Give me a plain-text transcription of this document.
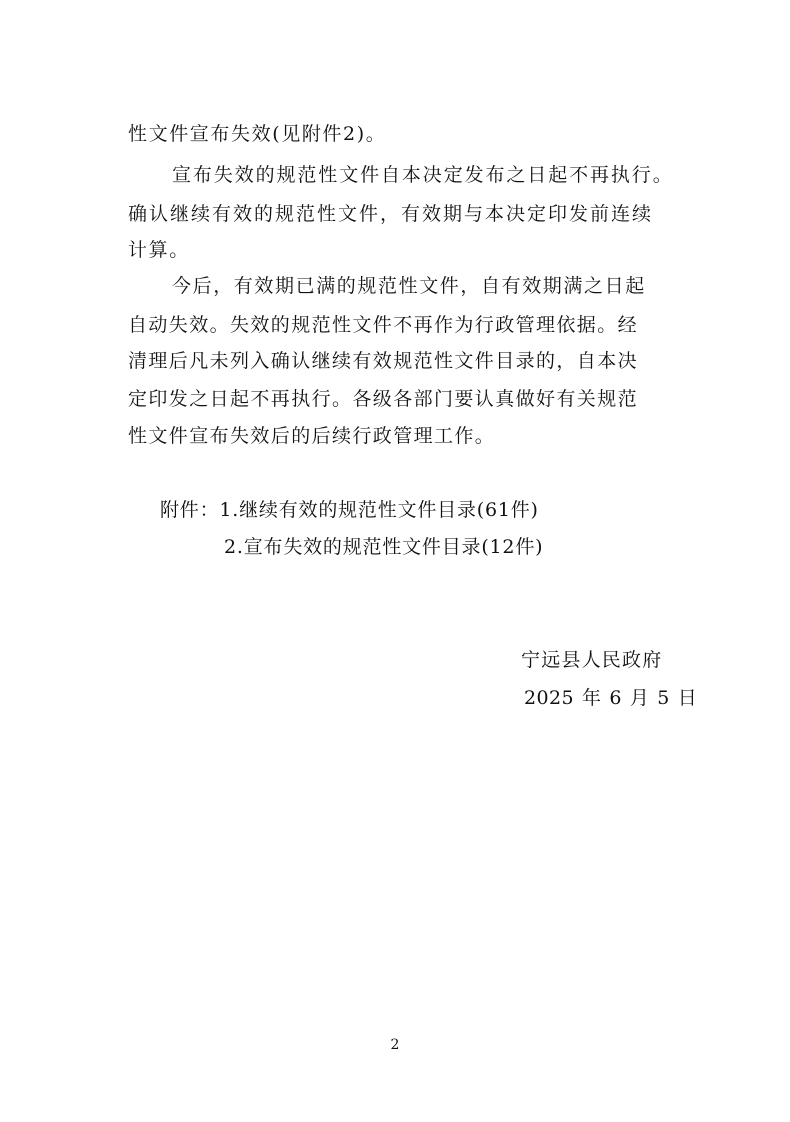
性文件宣布失效(见附件2)。
宣布失效的规范性文件自本决定发布之日起不再执行。
确认继续有效的规范性文件，有效期与本决定印发前连续
计算。
今后，有效期已满的规范性文件，自有效期满之日起
自动失效。失效的规范性文件不再作为行政管理依据。经
清理后凡未列入确认继续有效规范性文件目录的，自本决
定印发之日起不再执行。各级各部门要认真做好有关规范
性文件宣布失效后的后续行政管理工作。
附件：1.继续有效的规范性文件目录(61件)
2.宣布失效的规范性文件目录(12件)
宁远县人民政府
2025 年 6 月 5 日
2
